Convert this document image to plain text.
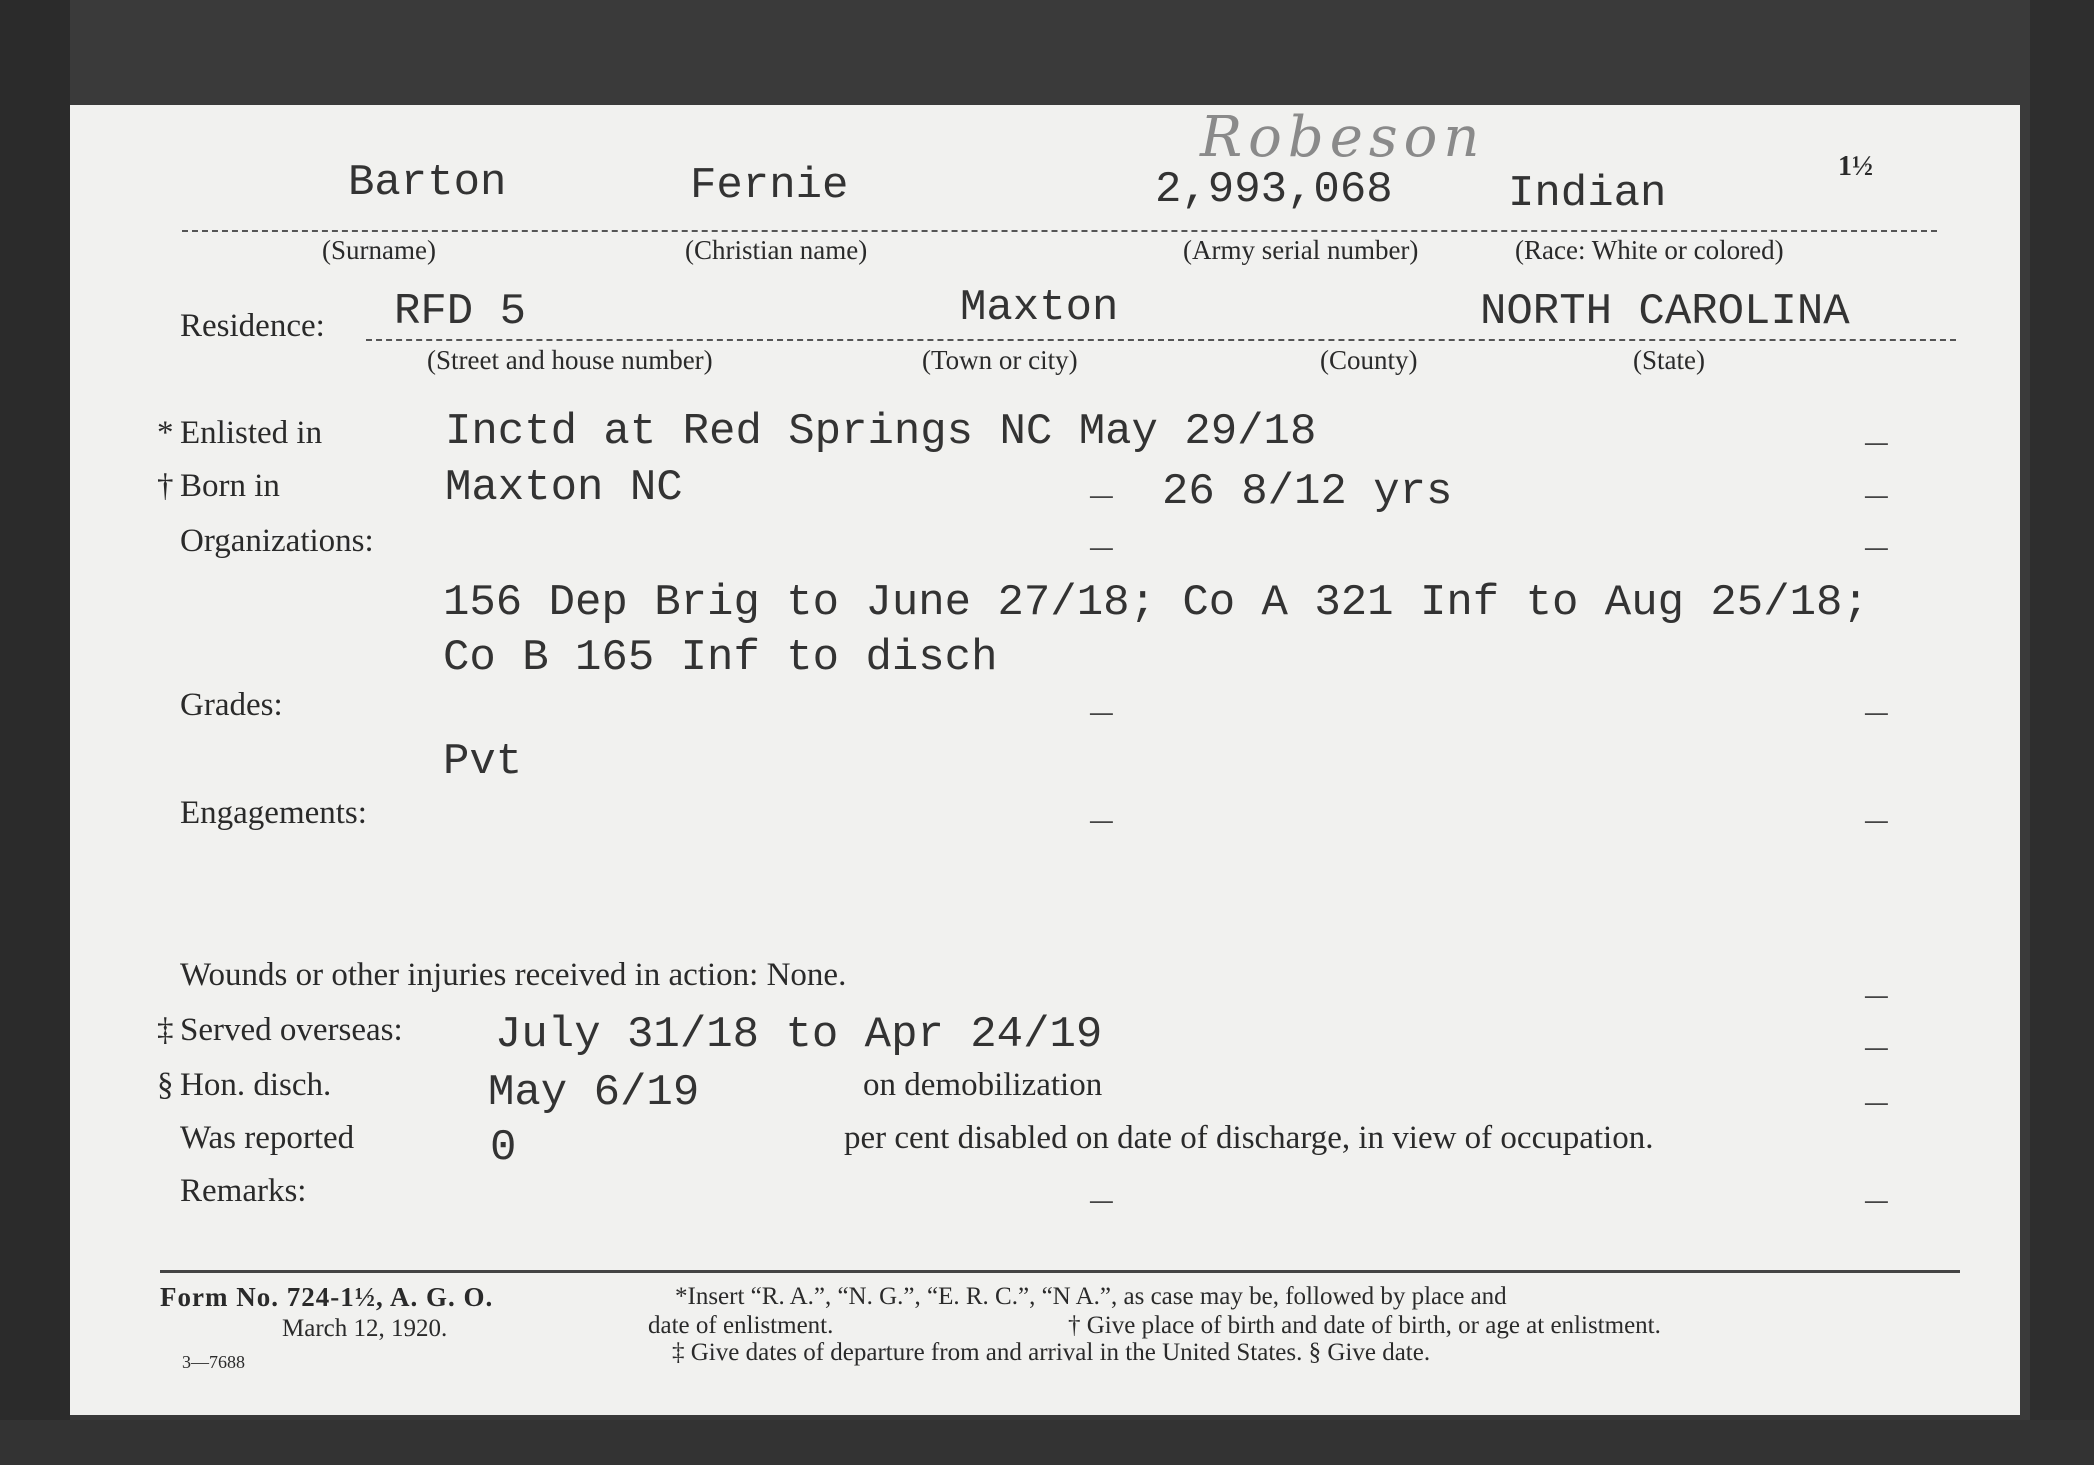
Robeson	1½
Barton	Fernie	2,993,068	Indian
(Surname)	(Christian name)	(Army serial number)	(Race: White or colored)
Residence: RFD 5	Maxton	NORTH CAROLINA
(Street and house number)	(Town or city)	(County)	(State)
* Enlisted in	Inctd at Red Springs NC May 29/18	_
† Born in	Maxton NC	_ 26 8/12 yrs	_
Organizations:	_	_
156 Dep Brig to June 27/18; Co A 321 Inf to Aug 25/18;
Co B 165 Inf to disch
Grades:	_	_
Pvt
Engagements:	_	_
Wounds or other injuries received in action: None.	_
‡ Served overseas: July 31/18 to Apr 24/19	_
§ Hon. disch.	May 6/19	on demobilization	_
Was reported	0	per cent disabled on date of discharge, in view of occupation.
Remarks:	_	_
Form No. 724-1½, A. G. O.
March 12, 1920.
3—7688
*Insert “R. A.”, “N. G.”, “E. R. C.”, “N A.”, as case may be, followed by place and
date of enlistment.	† Give place of birth and date of birth, or age at enlistment.
‡ Give dates of departure from and arrival in the United States. § Give date.
